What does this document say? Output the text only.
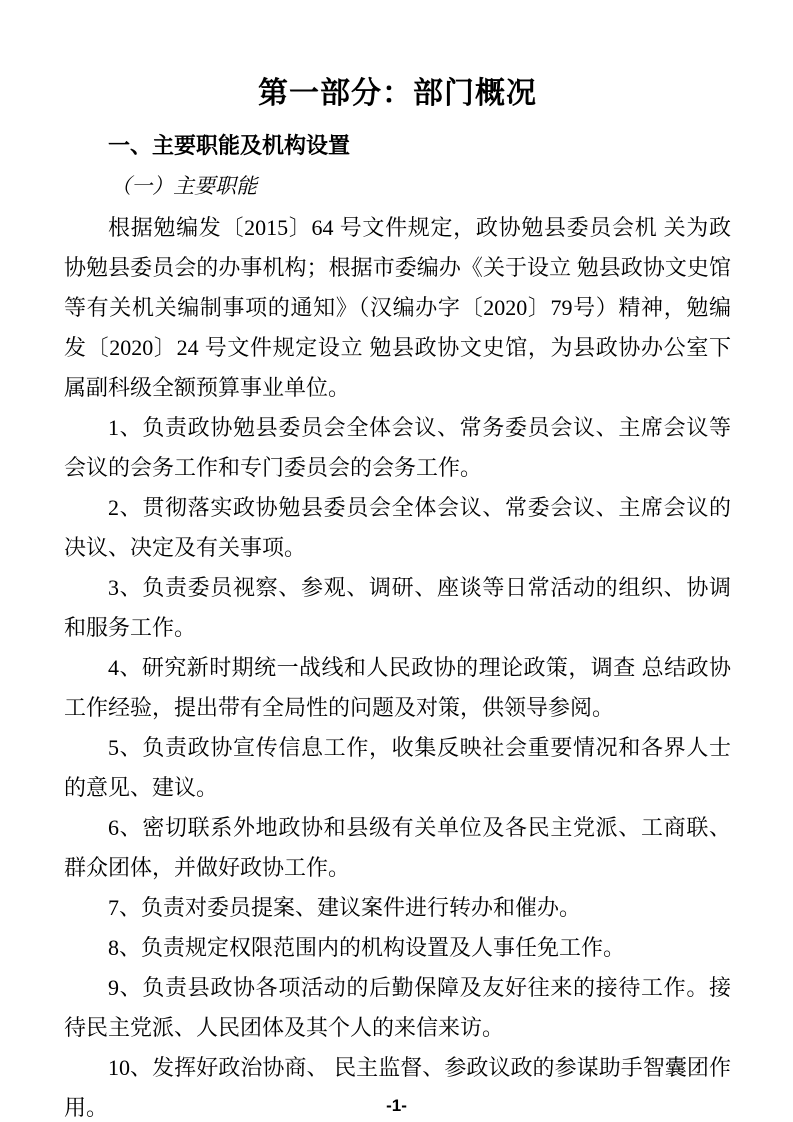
第一部分：部门概况
一、主要职能及机构设置
（一）主要职能

根据勉编发〔2015〕64 号文件规定，政协勉县委员会机 关为政协勉县委员会的办事机构；根据市委编办《关于设立 勉县政协文史馆等有关机关编制事项的通知》（汉编办字〔2020〕79号）精神，勉编发〔2020〕24 号文件规定设立 勉县政协文史馆，为县政协办公室下属副科级全额预算事业单位。

1、负责政协勉县委员会全体会议、常务委员会议、主席会议等会议的会务工作和专门委员会的会务工作。

2、贯彻落实政协勉县委员会全体会议、常委会议、主席会议的决议、决定及有关事项。

3、负责委员视察、参观、调研、座谈等日常活动的组织、协调和服务工作。

4、研究新时期统一战线和人民政协的理论政策，调查 总结政协工作经验，提出带有全局性的问题及对策，供领导参阅。

5、负责政协宣传信息工作，收集反映社会重要情况和各界人士的意见、建议。

6、密切联系外地政协和县级有关单位及各民主党派、工商联、群众团体，并做好政协工作。

7、负责对委员提案、建议案件进行转办和催办。

8、负责规定权限范围内的机构设置及人事任免工作。

9、负责县政协各项活动的后勤保障及友好往来的接待工作。接待民主党派、人民团体及其个人的来信来访。

10、发挥好政治协商、 民主监督、参政议政的参谋助手智囊团作用。	-1-
